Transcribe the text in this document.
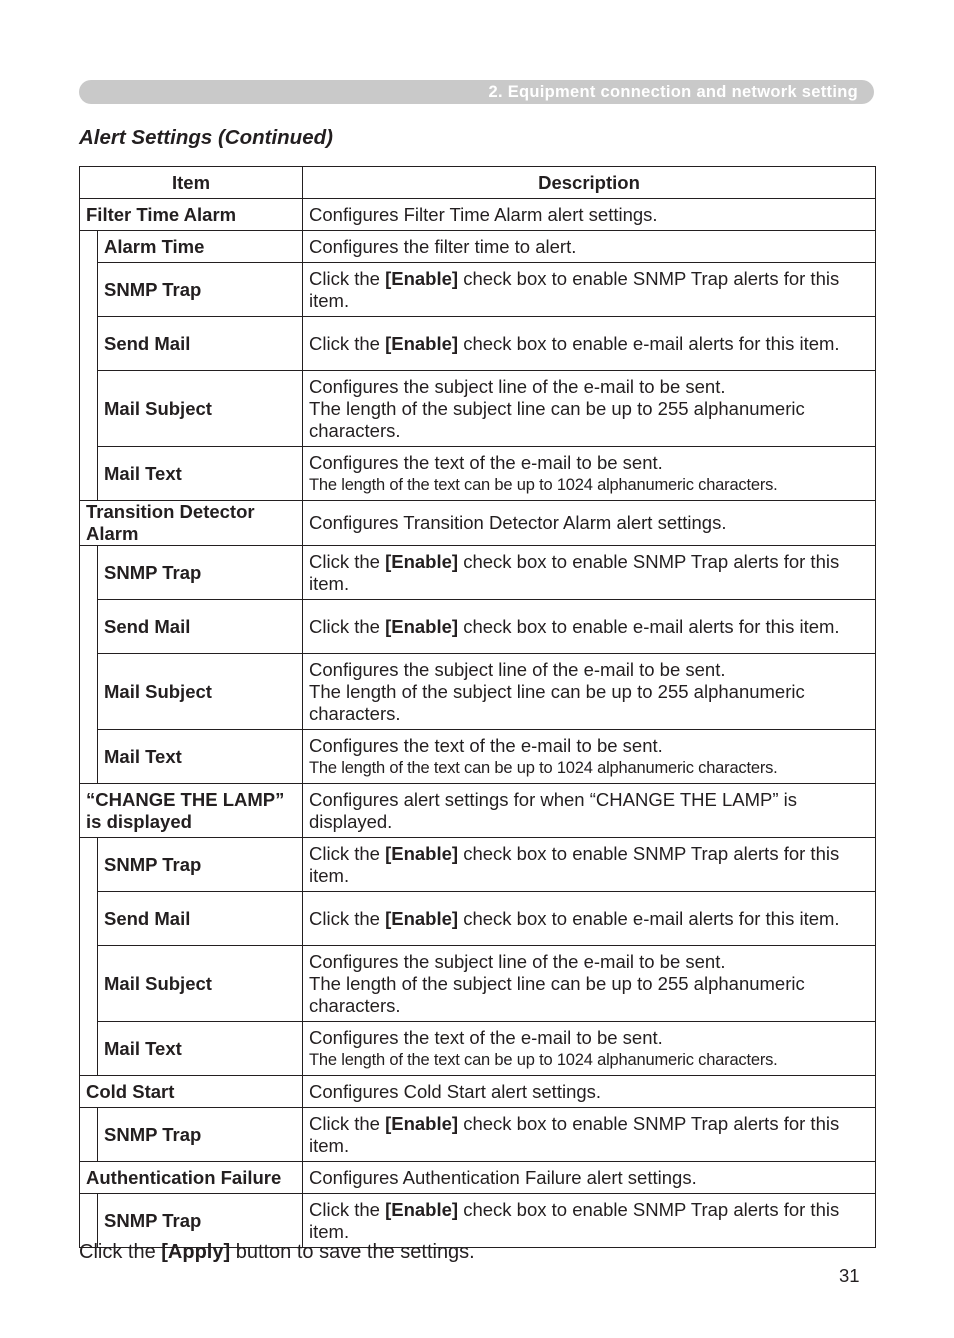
2. Equipment connection and network setting
Alert Settings (Continued)
Item		Description
Filter Time Alarm		Configures Filter Time Alarm alert settings.
	Alarm Time	Configures the filter time to alert.
	SNMP Trap	Click the [Enable] check box to enable SNMP Trap alerts for this item.
	Send Mail	Click the [Enable] check box to enable e-mail alerts for this item.
	Mail Subject	Configures the subject line of the e-mail to be sent.
The length of the subject line can be up to 255 alphanumeric characters.

	Mail Text	Configures the text of the e-mail to be sent.
The length of the text can be up to 1024 alphanumeric characters.

Transition Detector Alarm		Configures Transition Detector Alarm alert settings.
	SNMP Trap	Click the [Enable] check box to enable SNMP Trap alerts for this item.
	Send Mail	Click the [Enable] check box to enable e-mail alerts for this item.
	Mail Subject	Configures the subject line of the e-mail to be sent.
The length of the subject line can be up to 255 alphanumeric characters.

	Mail Text	Configures the text of the e-mail to be sent.
The length of the text can be up to 1024 alphanumeric characters.

“CHANGE THE LAMP” is displayed		Configures alert settings for when “CHANGE THE LAMP” is displayed.
	SNMP Trap	Click the [Enable] check box to enable SNMP Trap alerts for this item.
	Send Mail	Click the [Enable] check box to enable e-mail alerts for this item.
	Mail Subject	Configures the subject line of the e-mail to be sent.
The length of the subject line can be up to 255 alphanumeric characters.

	Mail Text	Configures the text of the e-mail to be sent.
The length of the text can be up to 1024 alphanumeric characters.

Cold Start		Configures Cold Start alert settings.
	SNMP Trap	Click the [Enable] check box to enable SNMP Trap alerts for this item.
Authentication Failure		Configures Authentication Failure alert settings.
	SNMP Trap	Click the [Enable] check box to enable SNMP Trap alerts for this item.
Click the [Apply] button to save the settings.
31
